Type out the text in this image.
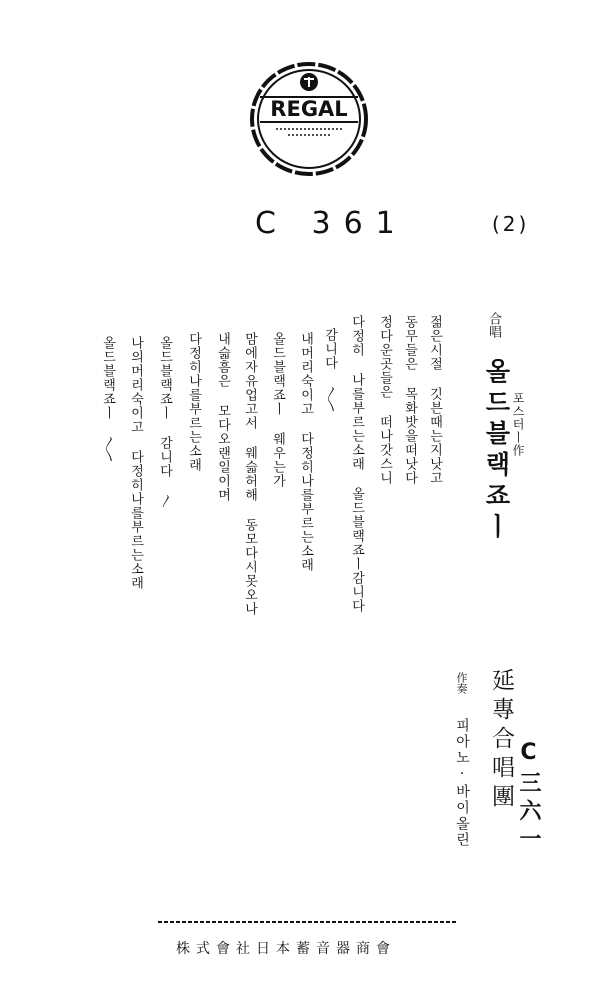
REGAL
C 361	(2)
포스터ㅣ作
合唱
올드블랙죠ㅣ
延專合唱團
作奏
피아노·바이올린 C三六一
젊은시절 깃븐때는지낫고
동무들은 목화밧을떠낫다
정다운곳들은 떠나갓스니
다정히 나를부르는소래 올드블랙죠ㅣ감니다
감니다 〳〵
내머리숙이고 다정히나를부르는소래
올드블랙죠ㅣ 웨우는가
맘에자유업고서 웨슯허해 동모다시못오나
내슯흠은 모다오랜일이며
다정히나를부르는소래
올드블랙죠ㅣ 감니다 〳
나의머리숙이고 다정히나를부르는소래
올드블랙죠ㅣ 〳〵
株式會社日本蓄音器商會
